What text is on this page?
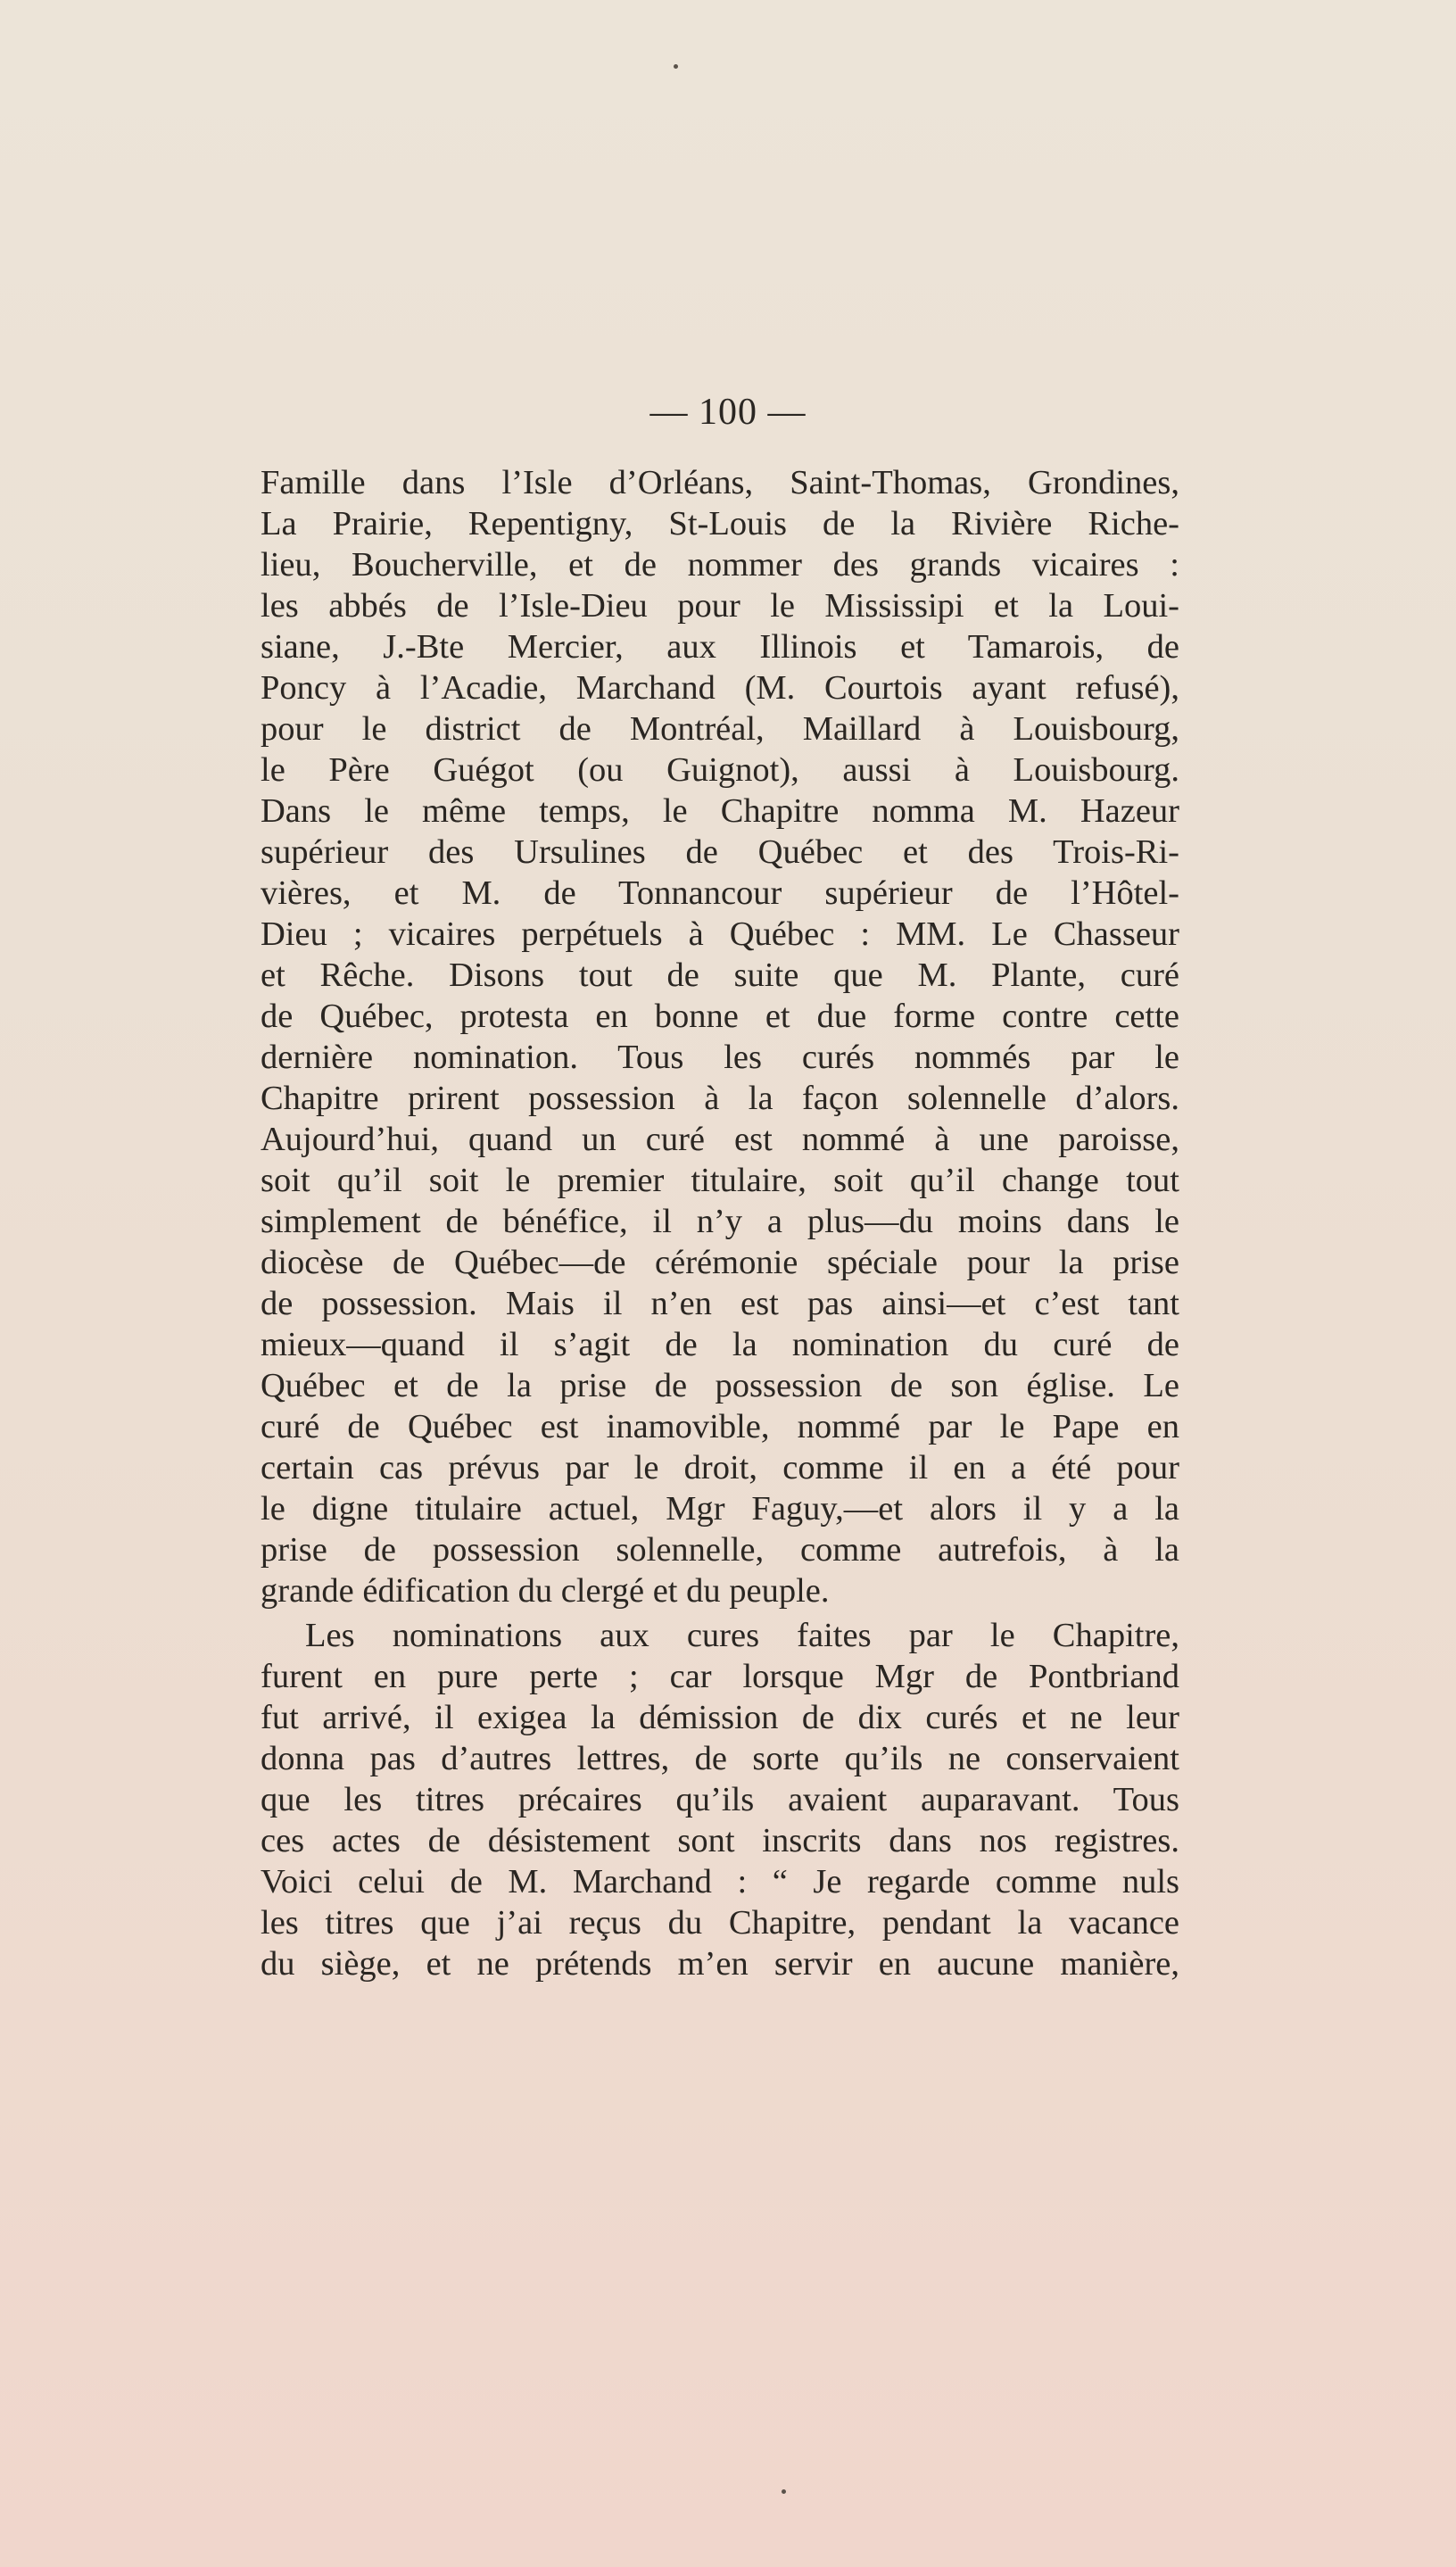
— 100 —
Famille dans l’Isle d’Orléans, Saint-Thomas, Grondines,
La Prairie, Repentigny, St-Louis de la Rivière Riche-
lieu, Boucherville, et de nommer des grands vicaires :
les abbés de l’Isle-Dieu pour le Mississipi et la Loui-
siane, J.-Bte Mercier, aux Illinois et Tamarois, de
Poncy à l’Acadie, Marchand (M. Courtois ayant refusé),
pour le district de Montréal, Maillard à Louisbourg,
le Père Guégot (ou Guignot), aussi à Louisbourg.
Dans le même temps, le Chapitre nomma M. Hazeur
supérieur des Ursulines de Québec et des Trois-Ri-
vières, et M. de Tonnancour supérieur de l’Hôtel-
Dieu ; vicaires perpétuels à Québec : MM. Le Chasseur
et Rêche. Disons tout de suite que M. Plante, curé
de Québec, protesta en bonne et due forme contre cette
dernière nomination. Tous les curés nommés par le
Chapitre prirent possession à la façon solennelle d’alors.
Aujourd’hui, quand un curé est nommé à une paroisse,
soit qu’il soit le premier titulaire, soit qu’il change tout
simplement de bénéfice, il n’y a plus—du moins dans le
diocèse de Québec—de cérémonie spéciale pour la prise
de possession. Mais il n’en est pas ainsi—et c’est tant
mieux—quand il s’agit de la nomination du curé de
Québec et de la prise de possession de son église. Le
curé de Québec est inamovible, nommé par le Pape en
certain cas prévus par le droit, comme il en a été pour
le digne titulaire actuel, Mgr Faguy,—et alors il y a la
prise de possession solennelle, comme autrefois, à la
grande édification du clergé et du peuple.
Les nominations aux cures faites par le Chapitre,
furent en pure perte ; car lorsque Mgr de Pontbriand
fut arrivé, il exigea la démission de dix curés et ne leur
donna pas d’autres lettres, de sorte qu’ils ne conservaient
que les titres précaires qu’ils avaient auparavant. Tous
ces actes de désistement sont inscrits dans nos registres.
Voici celui de M. Marchand : “ Je regarde comme nuls
les titres que j’ai reçus du Chapitre, pendant la vacance
du siège, et ne prétends m’en servir en aucune manière,
